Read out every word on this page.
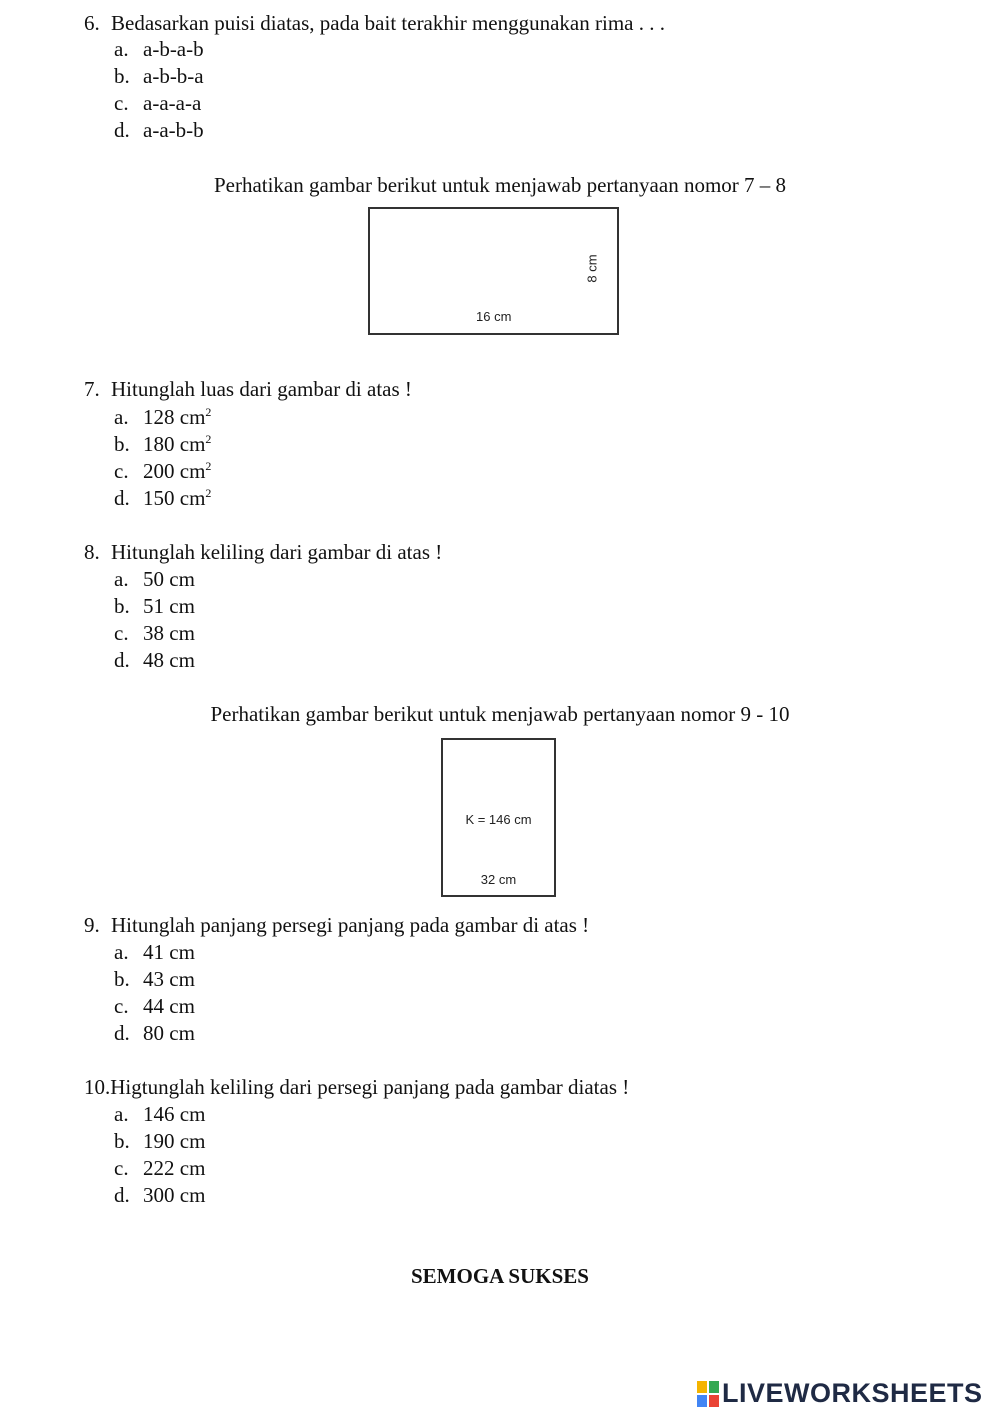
6. Bedasarkan puisi diatas, pada bait terakhir menggunakan rima . . .
a. a-b-a-b
b. a-b-b-a
c. a-a-a-a
d. a-a-b-b
Perhatikan gambar berikut untuk menjawab pertanyaan nomor 7 – 8
16 cm
8 cm
7. Hitunglah luas dari gambar di atas !
a. 128 $cm^2$
b. 180 $cm^2$
c. 200 $cm^2$
d. 150 $cm^2$
8. Hitunglah keliling dari gambar di atas !
a. 50 cm
b. 51 cm
c. 38 cm
d. 48 cm
Perhatikan gambar berikut untuk menjawab pertanyaan nomor 9 - 10
K = 146 cm
32 cm
9. Hitunglah panjang persegi panjang pada gambar di atas !
a. 41 cm
b. 43 cm
c. 44 cm
d. 80 cm
10.Higtunglah keliling dari persegi panjang pada gambar diatas !
a. 146 cm
b. 190 cm
c. 222 cm
d. 300 cm
SEMOGA SUKSES
LIVEWORKSHEETS
